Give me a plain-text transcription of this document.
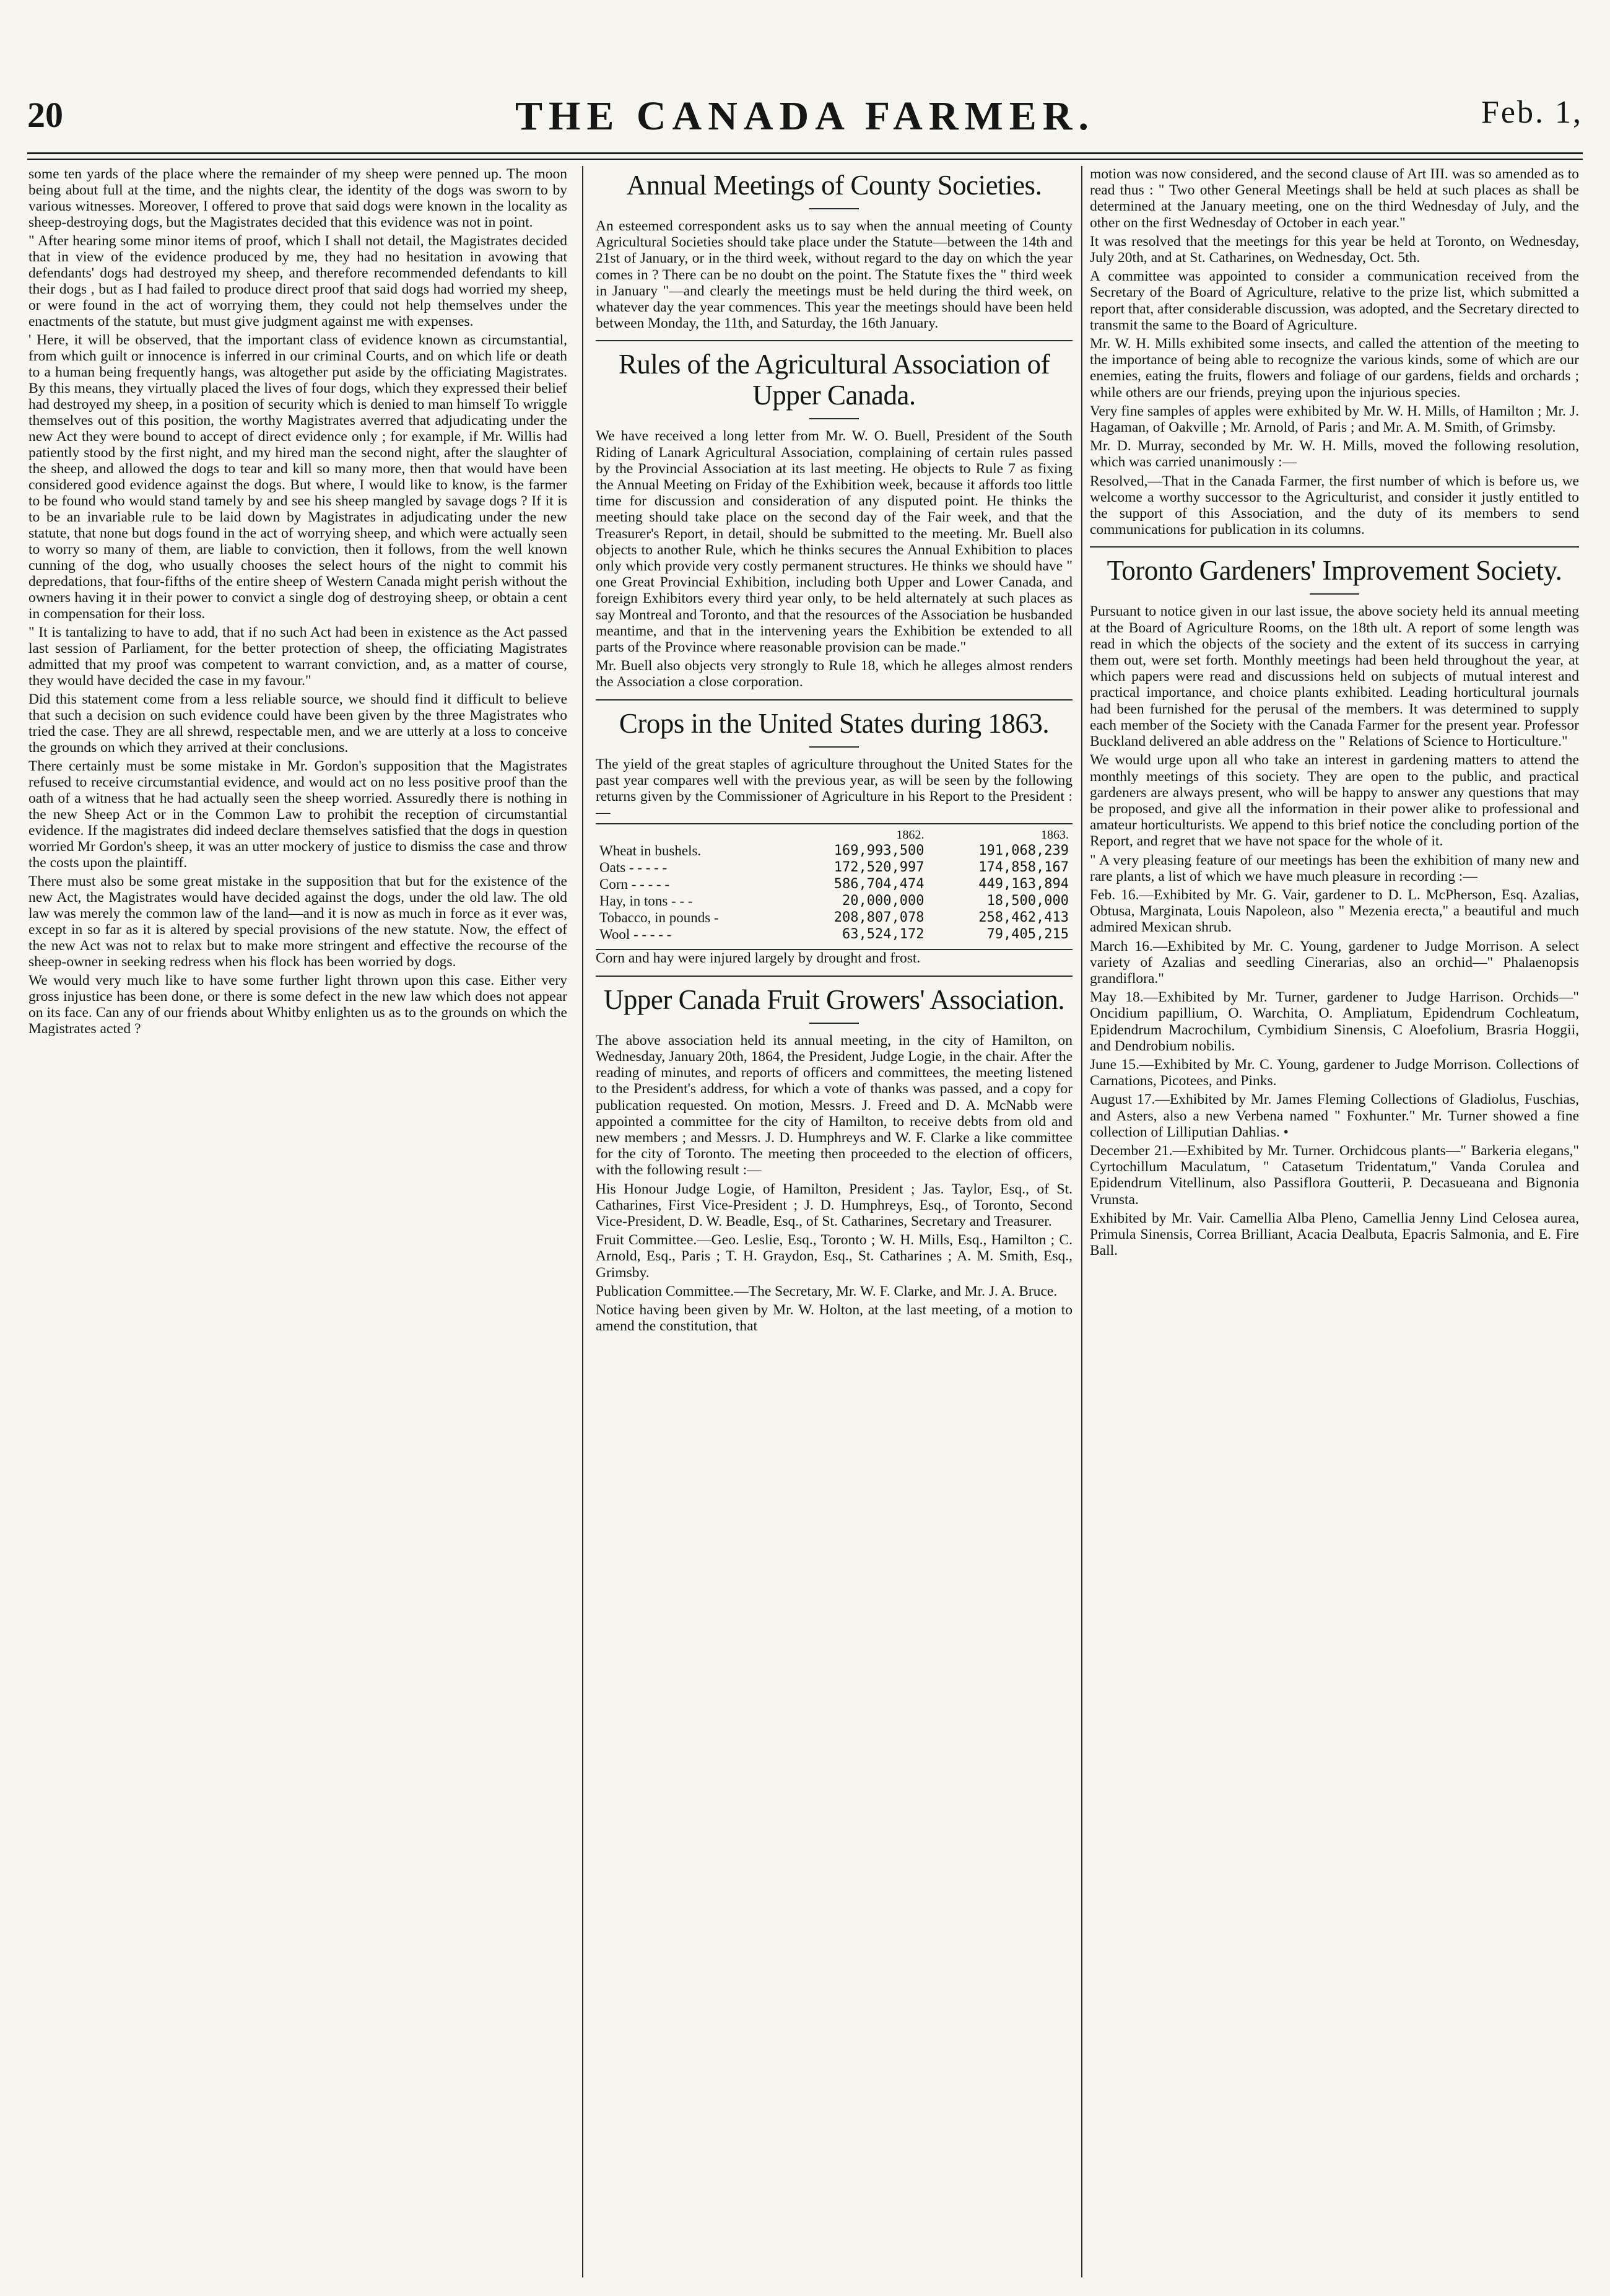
20	THE CANADA FARMER.	Feb. 1,

some ten yards of the place where the remainder of my sheep were penned up. The moon being about full at the time, and the nights clear, the identity of the dogs was sworn to by various witnesses. Moreover, I offered to prove that said dogs were known in the locality as sheep-destroying dogs, but the Magistrates decided that this evidence was not in point.

" After hearing some minor items of proof, which I shall not detail, the Magistrates decided that in view of the evidence produced by me, they had no hesitation in avowing that defendants' dogs had destroyed my sheep, and therefore recommended defendants to kill their dogs , but as I had failed to produce direct proof that said dogs had worried my sheep, or were found in the act of worrying them, they could not help themselves under the enactments of the statute, but must give judgment against me with expenses.

' Here, it will be observed, that the important class of evidence known as circumstantial, from which guilt or innocence is inferred in our criminal Courts, and on which life or death to a human being frequently hangs, was altogether put aside by the officiating Magistrates. By this means, they virtually placed the lives of four dogs, which they expressed their belief had destroyed my sheep, in a position of security which is denied to man himself To wriggle themselves out of this position, the worthy Magistrates averred that adjudicating under the new Act they were bound to accept of direct evidence only ; for example, if Mr. Willis had patiently stood by the first night, and my hired man the second night, after the slaughter of the sheep, and allowed the dogs to tear and kill so many more, then that would have been considered good evidence against the dogs. But where, I would like to know, is the farmer to be found who would stand tamely by and see his sheep mangled by savage dogs ? If it is to be an invariable rule to be laid down by Magistrates in adjudicating under the new statute, that none but dogs found in the act of worrying sheep, and which were actually seen to worry so many of them, are liable to conviction, then it follows, from the well known cunning of the dog, who usually chooses the select hours of the night to commit his depredations, that four-fifths of the entire sheep of Western Canada might perish without the owners having it in their power to convict a single dog of destroying sheep, or obtain a cent in compensation for their loss.

" It is tantalizing to have to add, that if no such Act had been in existence as the Act passed last session of Parliament, for the better protection of sheep, the officiating Magistrates admitted that my proof was competent to warrant conviction, and, as a matter of course, they would have decided the case in my favour."

Did this statement come from a less reliable source, we should find it difficult to believe that such a decision on such evidence could have been given by the three Magistrates who tried the case. They are all shrewd, respectable men, and we are utterly at a loss to conceive the grounds on which they arrived at their conclusions.

There certainly must be some mistake in Mr. Gordon's supposition that the Magistrates refused to receive circumstantial evidence, and would act on no less positive proof than the oath of a witness that he had actually seen the sheep worried. Assuredly there is nothing in the new Sheep Act or in the Common Law to prohibit the reception of circumstantial evidence. If the magistrates did indeed declare themselves satisfied that the dogs in question worried Mr Gordon's sheep, it was an utter mockery of justice to dismiss the case and throw the costs upon the plaintiff.

There must also be some great mistake in the supposition that but for the existence of the new Act, the Magistrates would have decided against the dogs, under the old law. The old law was merely the common law of the land—and it is now as much in force as it ever was, except in so far as it is altered by special provisions of the new statute. Now, the effect of the new Act was not to relax but to make more stringent and effective the recourse of the sheep-owner in seeking redress when his flock has been worried by dogs.

We would very much like to have some further light thrown upon this case. Either very gross injustice has been done, or there is some defect in the new law which does not appear on its face. Can any of our friends about Whitby enlighten us as to the grounds on which the Magistrates acted ?

Annual Meetings of County Societies.

An esteemed correspondent asks us to say when the annual meeting of County Agricultural Societies should take place under the Statute—between the 14th and 21st of January, or in the third week, without regard to the day on which the year comes in ? There can be no doubt on the point. The Statute fixes the " third week in January "—and clearly the meetings must be held during the third week, on whatever day the year commences. This year the meetings should have been held between Monday, the 11th, and Saturday, the 16th January.

Rules of the Agricultural Association of Upper Canada.

We have received a long letter from Mr. W. O. Buell, President of the South Riding of Lanark Agricultural Association, complaining of certain rules passed by the Provincial Association at its last meeting. He objects to Rule 7 as fixing the Annual Meeting on Friday of the Exhibition week, because it affords too little time for discussion and consideration of any disputed point. He thinks the meeting should take place on the second day of the Fair week, and that the Treasurer's Report, in detail, should be submitted to the meeting. Mr. Buell also objects to another Rule, which he thinks secures the Annual Exhibition to places only which provide very costly permanent structures. He thinks we should have " one Great Provincial Exhibition, including both Upper and Lower Canada, and foreign Exhibitors every third year only, to be held alternately at such places as say Montreal and Toronto, and that the resources of the Association be husbanded meantime, and that in the intervening years the Exhibition be extended to all parts of the Province where reasonable provision can be made."

Mr. Buell also objects very strongly to Rule 18, which he alleges almost renders the Association a close corporation.

Crops in the United States during 1863.

The yield of the great staples of agriculture throughout the United States for the past year compares well with the previous year, as will be seen by the following returns given by the Commissioner of Agriculture in his Report to the President :—

	1862.	1863.
Wheat in bushels.	169,993,500	191,068,239
Oats - - - - -	172,520,997	174,858,167
Corn - - - - -	586,704,474	449,163,894
Hay, in tons - - -	20,000,000	18,500,000
Tobacco, in pounds -	208,807,078	258,462,413
Wool - - - - -	63,524,172	79,405,215

Corn and hay were injured largely by drought and frost.

Upper Canada Fruit Growers' Association.

The above association held its annual meeting, in the city of Hamilton, on Wednesday, January 20th, 1864, the President, Judge Logie, in the chair. After the reading of minutes, and reports of officers and committees, the meeting listened to the President's address, for which a vote of thanks was passed, and a copy for publication requested. On motion, Messrs. J. Freed and D. A. McNabb were appointed a committee for the city of Hamilton, to receive debts from old and new members ; and Messrs. J. D. Humphreys and W. F. Clarke a like committee for the city of Toronto. The meeting then proceeded to the election of officers, with the following result :—

His Honour Judge Logie, of Hamilton, President ; Jas. Taylor, Esq., of St. Catharines, First Vice-President ; J. D. Humphreys, Esq., of Toronto, Second Vice-President, D. W. Beadle, Esq., of St. Catharines, Secretary and Treasurer.

Fruit Committee.—Geo. Leslie, Esq., Toronto ; W. H. Mills, Esq., Hamilton ; C. Arnold, Esq., Paris ; T. H. Graydon, Esq., St. Catharines ; A. M. Smith, Esq., Grimsby.

Publication Committee.—The Secretary, Mr. W. F. Clarke, and Mr. J. A. Bruce.

Notice having been given by Mr. W. Holton, at the last meeting, of a motion to amend the constitution, that

motion was now considered, and the second clause of Art III. was so amended as to read thus : " Two other General Meetings shall be held at such places as shall be determined at the January meeting, one on the third Wednesday of July, and the other on the first Wednesday of October in each year."

It was resolved that the meetings for this year be held at Toronto, on Wednesday, July 20th, and at St. Catharines, on Wednesday, Oct. 5th.

A committee was appointed to consider a communication received from the Secretary of the Board of Agriculture, relative to the prize list, which submitted a report that, after considerable discussion, was adopted, and the Secretary directed to transmit the same to the Board of Agriculture.

Mr. W. H. Mills exhibited some insects, and called the attention of the meeting to the importance of being able to recognize the various kinds, some of which are our enemies, eating the fruits, flowers and foliage of our gardens, fields and orchards ; while others are our friends, preying upon the injurious species.

Very fine samples of apples were exhibited by Mr. W. H. Mills, of Hamilton ; Mr. J. Hagaman, of Oakville ; Mr. Arnold, of Paris ; and Mr. A. M. Smith, of Grimsby.

Mr. D. Murray, seconded by Mr. W. H. Mills, moved the following resolution, which was carried unanimously :—

Resolved,—That in the Canada Farmer, the first number of which is before us, we welcome a worthy successor to the Agriculturist, and consider it justly entitled to the support of this Association, and the duty of its members to send communications for publication in its columns.

Toronto Gardeners' Improvement Society.

Pursuant to notice given in our last issue, the above society held its annual meeting at the Board of Agriculture Rooms, on the 18th ult. A report of some length was read in which the objects of the society and the extent of its success in carrying them out, were set forth. Monthly meetings had been held throughout the year, at which papers were read and discussions held on subjects of mutual interest and practical importance, and choice plants exhibited. Leading horticultural journals had been furnished for the perusal of the members. It was determined to supply each member of the Society with the Canada Farmer for the present year. Professor Buckland delivered an able address on the " Relations of Science to Horticulture."

We would urge upon all who take an interest in gardening matters to attend the monthly meetings of this society. They are open to the public, and practical gardeners are always present, who will be happy to answer any questions that may be proposed, and give all the information in their power alike to professional and amateur horticulturists. We append to this brief notice the concluding portion of the Report, and regret that we have not space for the whole of it.

" A very pleasing feature of our meetings has been the exhibition of many new and rare plants, a list of which we have much pleasure in recording :—

Feb. 16.—Exhibited by Mr. G. Vair, gardener to D. L. McPherson, Esq. Azalias, Obtusa, Marginata, Louis Napoleon, also " Mezenia erecta," a beautiful and much admired Mexican shrub.

March 16.—Exhibited by Mr. C. Young, gardener to Judge Morrison. A select variety of Azalias and seedling Cinerarias, also an orchid—" Phalaenopsis grandiflora."

May 18.—Exhibited by Mr. Turner, gardener to Judge Harrison. Orchids—" Oncidium papillium, O. Warchita, O. Ampliatum, Epidendrum Cochleatum, Epidendrum Macrochilum, Cymbidium Sinensis, C Aloefolium, Brasria Hoggii, and Dendrobium nobilis.

June 15.—Exhibited by Mr. C. Young, gardener to Judge Morrison. Collections of Carnations, Picotees, and Pinks.

August 17.—Exhibited by Mr. James Fleming Collections of Gladiolus, Fuschias, and Asters, also a new Verbena named " Foxhunter." Mr. Turner showed a fine collection of Lilliputian Dahlias. •

December 21.—Exhibited by Mr. Turner. Orchidcous plants—" Barkeria elegans," Cyrtochillum Maculatum, " Catasetum Tridentatum," Vanda Corulea and Epidendrum Vitellinum, also Passiflora Goutterii, P. Decasueana and Bignonia Vrunsta.

Exhibited by Mr. Vair. Camellia Alba Pleno, Camellia Jenny Lind Celosea aurea, Primula Sinensis, Correa Brilliant, Acacia Dealbuta, Epacris Salmonia, and E. Fire Ball.
